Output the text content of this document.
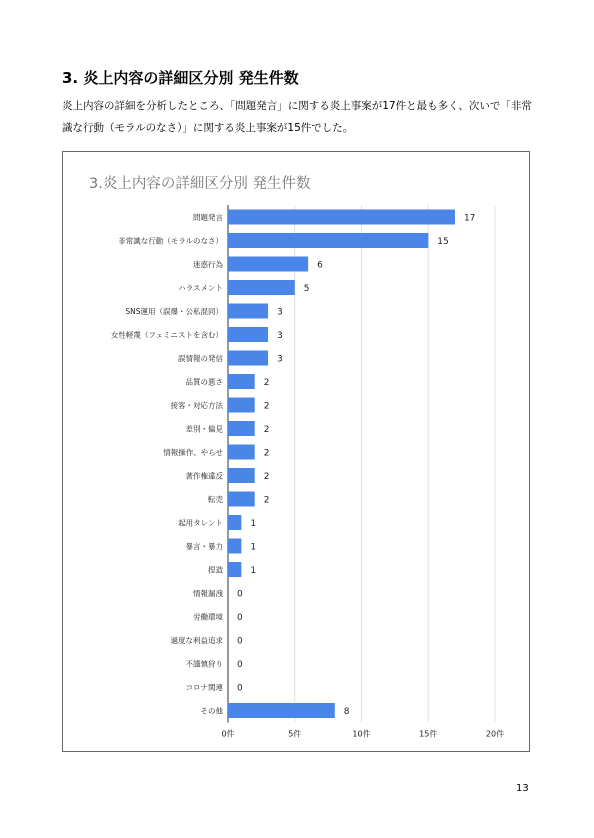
3. 炎上内容の詳細区分別 発生件数

炎上内容の詳細を分析したところ、「問題発言」に関する炎上事案が17件と最も多く、次いで「非常識な行動（モラルのなさ）」に関する炎上事案が15件でした。

3.炎上内容の詳細区分別 発生件数
問題発言
非常識な行動（モラルのなさ）
迷惑行為
ハラスメント
SNS運用（誤爆・公私混同）
女性軽蔑（フェミニストを含む）
誤情報の発信
品質の悪さ
接客・対応方法
差別・偏見
情報操作、やらせ
著作権違反
転売
起用タレント
暴言・暴力
捏造
情報漏洩
労働環境
過度な利益追求
不謹慎狩り
コロナ関連
その他
17
15
6
5
3
3
3
2
2
2
2
2
2
1
1
1
0
0
0
0
0
8
0件	5件	10件	15件	20件
13
